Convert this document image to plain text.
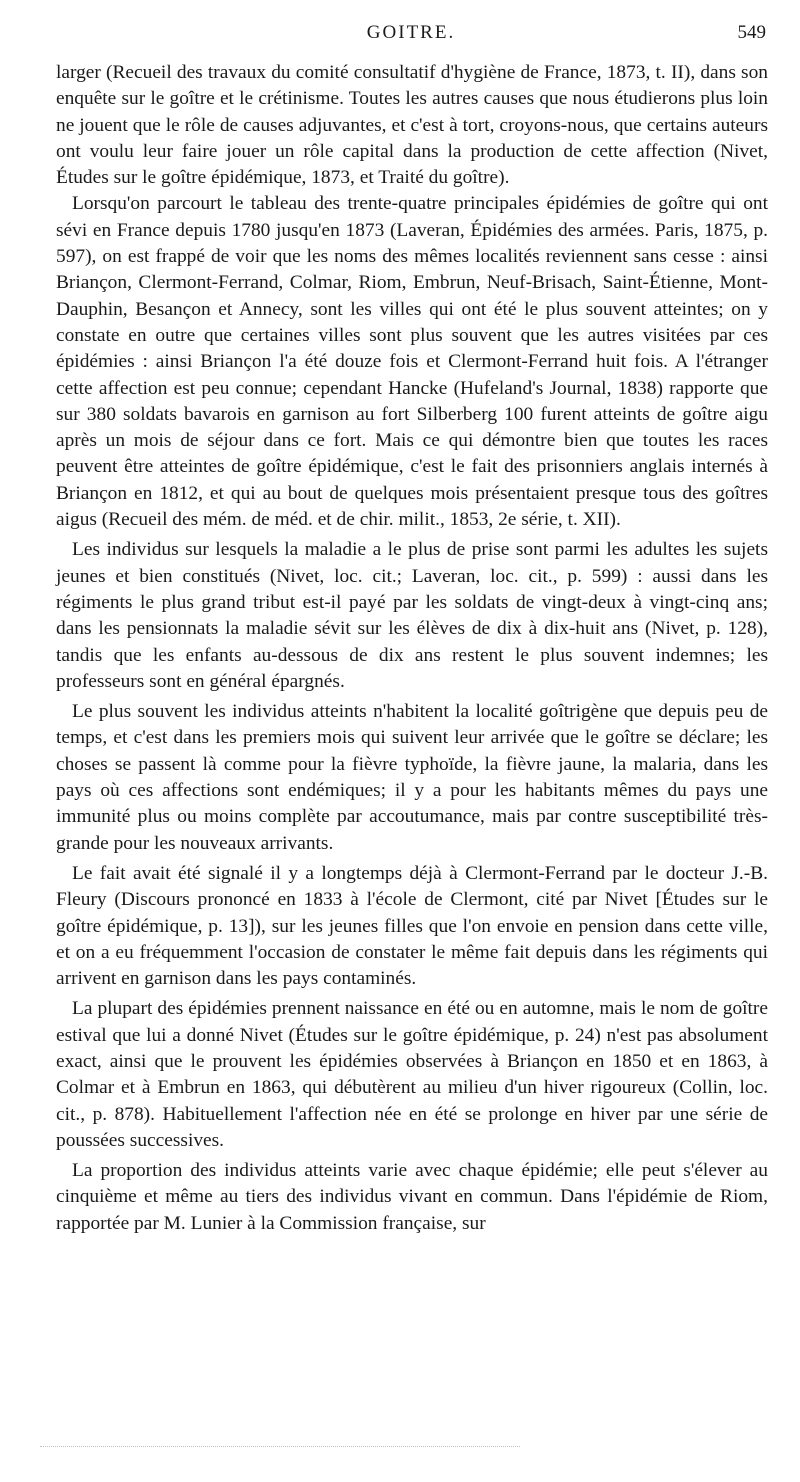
GOITRE.	549

larger (Recueil des travaux du comité consultatif d'hygiène de France, 1873, t. II), dans son enquête sur le goître et le crétinisme. Toutes les autres causes que nous étudierons plus loin ne jouent que le rôle de causes adjuvantes, et c'est à tort, croyons-nous, que certains auteurs ont voulu leur faire jouer un rôle capital dans la production de cette affection (Nivet, Études sur le goître épidémique, 1873, et Traité du goître).

Lorsqu'on parcourt le tableau des trente-quatre principales épidémies de goître qui ont sévi en France depuis 1780 jusqu'en 1873 (Laveran, Épidémies des armées. Paris, 1875, p. 597), on est frappé de voir que les noms des mêmes localités reviennent sans cesse : ainsi Briançon, Clermont-Ferrand, Colmar, Riom, Embrun, Neuf-Brisach, Saint-Étienne, Mont-Dauphin, Besançon et Annecy, sont les villes qui ont été le plus souvent atteintes; on y constate en outre que certaines villes sont plus souvent que les autres visitées par ces épidémies : ainsi Briançon l'a été douze fois et Clermont-Ferrand huit fois. A l'étranger cette affection est peu connue; cependant Hancke (Hufeland's Journal, 1838) rapporte que sur 380 soldats bavarois en garnison au fort Silberberg 100 furent atteints de goître aigu après un mois de séjour dans ce fort. Mais ce qui démontre bien que toutes les races peuvent être atteintes de goître épidémique, c'est le fait des prisonniers anglais internés à Briançon en 1812, et qui au bout de quelques mois présentaient presque tous des goîtres aigus (Recueil des mém. de méd. et de chir. milit., 1853, 2e série, t. XII).

Les individus sur lesquels la maladie a le plus de prise sont parmi les adultes les sujets jeunes et bien constitués (Nivet, loc. cit.; Laveran, loc. cit., p. 599) : aussi dans les régiments le plus grand tribut est-il payé par les soldats de vingt-deux à vingt-cinq ans; dans les pensionnats la maladie sévit sur les élèves de dix à dix-huit ans (Nivet, p. 128), tandis que les enfants au-dessous de dix ans restent le plus souvent indemnes; les professeurs sont en général épargnés.

Le plus souvent les individus atteints n'habitent la localité goîtrigène que depuis peu de temps, et c'est dans les premiers mois qui suivent leur arrivée que le goître se déclare; les choses se passent là comme pour la fièvre typhoïde, la fièvre jaune, la malaria, dans les pays où ces affections sont endémiques; il y a pour les habitants mêmes du pays une immunité plus ou moins complète par accoutumance, mais par contre susceptibilité très-grande pour les nouveaux arrivants.

Le fait avait été signalé il y a longtemps déjà à Clermont-Ferrand par le docteur J.-B. Fleury (Discours prononcé en 1833 à l'école de Clermont, cité par Nivet [Études sur le goître épidémique, p. 13]), sur les jeunes filles que l'on envoie en pension dans cette ville, et on a eu fréquemment l'occasion de constater le même fait depuis dans les régiments qui arrivent en garnison dans les pays contaminés.

La plupart des épidémies prennent naissance en été ou en automne, mais le nom de goître estival que lui a donné Nivet (Études sur le goître épidémique, p. 24) n'est pas absolument exact, ainsi que le prouvent les épidémies observées à Briançon en 1850 et en 1863, à Colmar et à Embrun en 1863, qui débutèrent au milieu d'un hiver rigoureux (Collin, loc. cit., p. 878). Habituellement l'affection née en été se prolonge en hiver par une série de poussées successives.

La proportion des individus atteints varie avec chaque épidémie; elle peut s'élever au cinquième et même au tiers des individus vivant en commun. Dans l'épidémie de Riom, rapportée par M. Lunier à la Commission française, sur
